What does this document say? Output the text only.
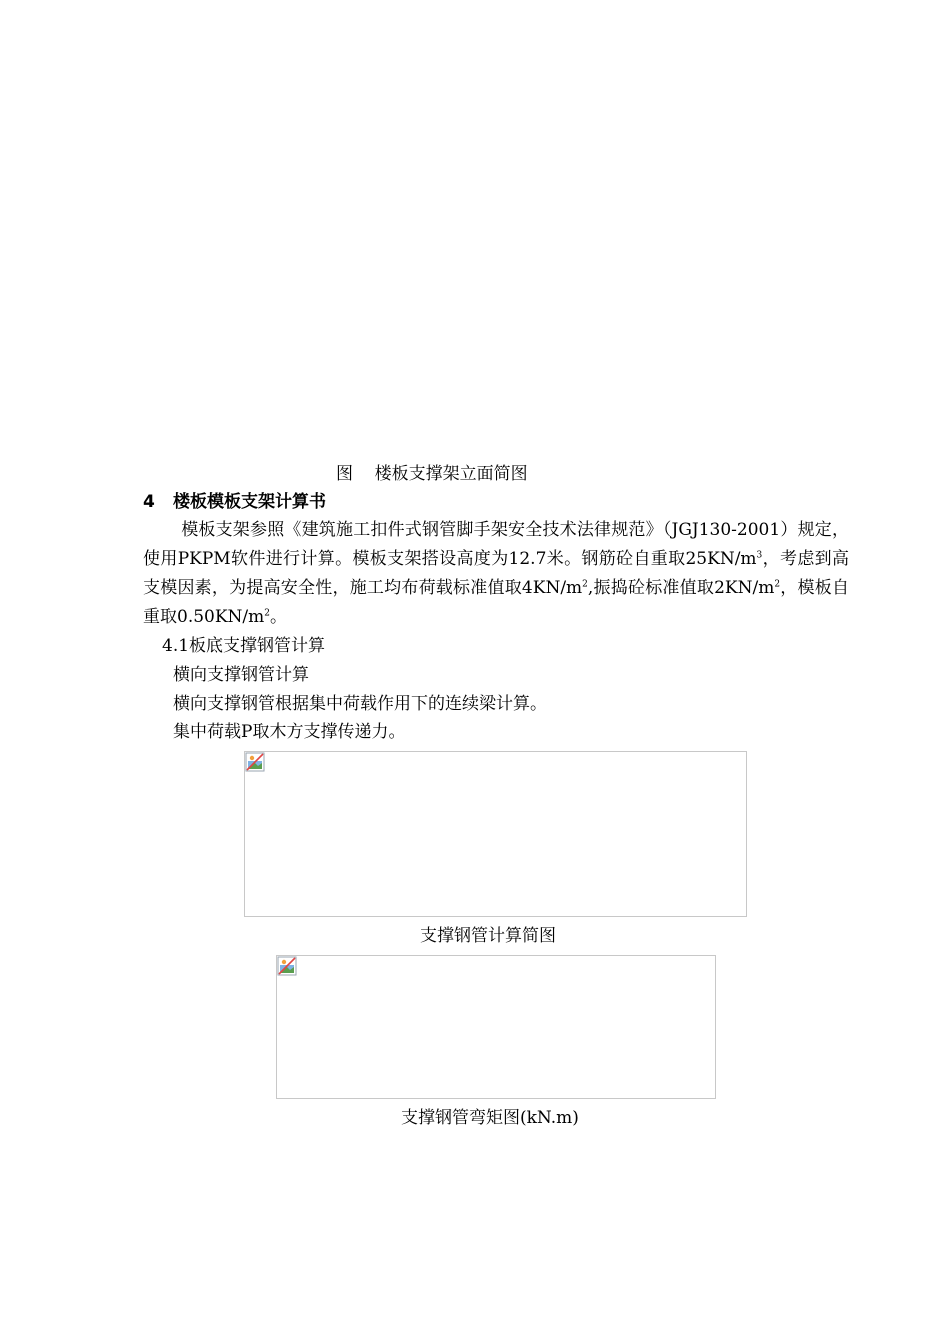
图    楼板支撑架立面简图
4 楼板模板支架计算书
模板支架参照《建筑施工扣件式钢管脚手架安全技术法律规范》（JGJ130-2001）规定，使用PKPM软件进行计算。模板支架搭设高度为12.7米。钢筋砼自重取$25KN/m^3$，考虑到高支模因素，为提高安全性，施工均布荷载标准值取$4KN/m^2$,振捣砼标准值取$2KN/m^2$，模板自重取$0.50KN/m^2$。
4.1板底支撑钢管计算
横向支撑钢管计算
横向支撑钢管根据集中荷载作用下的连续梁计算。
集中荷载P取木方支撑传递力。
支撑钢管计算简图
支撑钢管弯矩图(kN.m)
